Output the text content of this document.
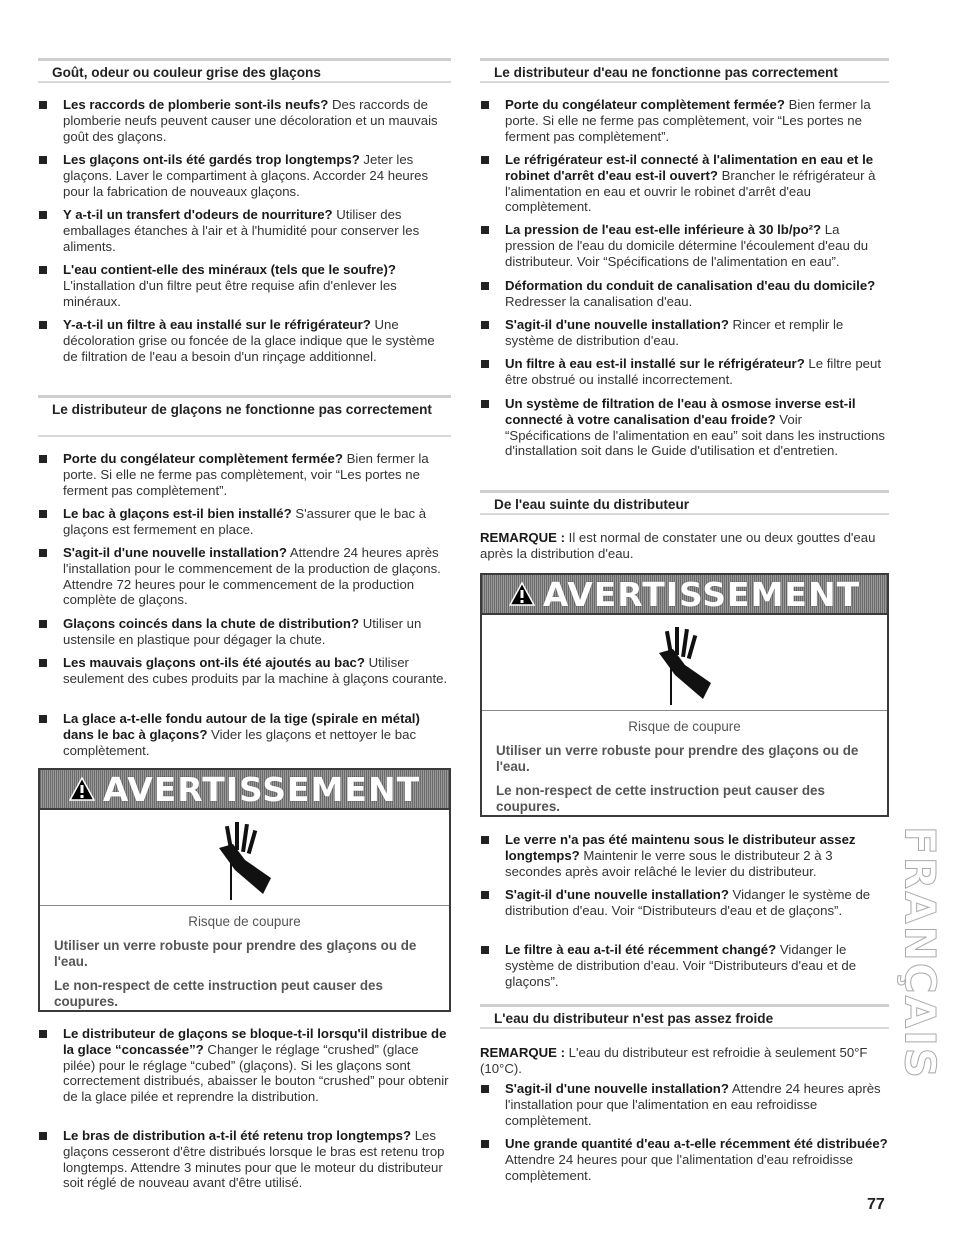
Goût, odeur ou couleur grise des glaçons
Les raccords de plomberie sont-ils neufs? Des raccords de plomberie neufs peuvent causer une décoloration et un mauvais goût des glaçons.
Les glaçons ont-ils été gardés trop longtemps? Jeter les glaçons. Laver le compartiment à glaçons. Accorder 24 heures pour la fabrication de nouveaux glaçons.
Y a-t-il un transfert d'odeurs de nourriture? Utiliser des emballages étanches à l'air et à l'humidité pour conserver les aliments.
L'eau contient-elle des minéraux (tels que le soufre)? L'installation d'un filtre peut être requise afin d'enlever les minéraux.
Y-a-t-il un filtre à eau installé sur le réfrigérateur? Une décoloration grise ou foncée de la glace indique que le système de filtration de l'eau a besoin d'un rinçage additionnel.
Le distributeur de glaçons ne fonctionne pas correctement
Porte du congélateur complètement fermée? Bien fermer la porte. Si elle ne ferme pas complètement, voir “Les portes ne ferment pas complètement”.
Le bac à glaçons est-il bien installé? S'assurer que le bac à glaçons est fermement en place.
S'agit-il d'une nouvelle installation? Attendre 24 heures après l'installation pour le commencement de la production de glaçons. Attendre 72 heures pour le commencement de la production complète de glaçons.
Glaçons coincés dans la chute de distribution? Utiliser un ustensile en plastique pour dégager la chute.
Les mauvais glaçons ont-ils été ajoutés au bac? Utiliser seulement des cubes produits par la machine à glaçons courante.
La glace a-t-elle fondu autour de la tige (spirale en métal) dans le bac à glaçons? Vider les glaçons et nettoyer le bac complètement.
AVERTISSEMENT
Risque de coupure

Utiliser un verre robuste pour prendre des glaçons ou de l'eau.

Le non-respect de cette instruction peut causer des coupures.

Le distributeur de glaçons se bloque-t-il lorsqu'il distribue de la glace “concassée”? Changer le réglage “crushed” (glace pilée) pour le réglage “cubed” (glaçons). Si les glaçons sont correctement distribués, abaisser le bouton “crushed” pour obtenir de la glace pilée et reprendre la distribution.
Le bras de distribution a-t-il été retenu trop longtemps? Les glaçons cesseront d'être distribués lorsque le bras est retenu trop longtemps. Attendre 3 minutes pour que le moteur du distributeur soit réglé de nouveau avant d'être utilisé.
Le distributeur d'eau ne fonctionne pas correctement
Porte du congélateur complètement fermée? Bien fermer la porte. Si elle ne ferme pas complètement, voir “Les portes ne ferment pas complètement”.
Le réfrigérateur est-il connecté à l'alimentation en eau et le robinet d'arrêt d'eau est-il ouvert? Brancher le réfrigérateur à l'alimentation en eau et ouvrir le robinet d'arrêt d'eau complètement.
La pression de l'eau est-elle inférieure à 30 lb/po²? La pression de l'eau du domicile détermine l'écoulement d'eau du distributeur. Voir “Spécifications de l'alimentation en eau”.
Déformation du conduit de canalisation d'eau du domicile? Redresser la canalisation d'eau.
S'agit-il d'une nouvelle installation? Rincer et remplir le système de distribution d'eau.
Un filtre à eau est-il installé sur le réfrigérateur? Le filtre peut être obstrué ou installé incorrectement.
Un système de filtration de l'eau à osmose inverse est-il connecté à votre canalisation d'eau froide? Voir “Spécifications de l'alimentation en eau” soit dans les instructions d'installation soit dans le Guide d'utilisation et d'entretien.
De l'eau suinte du distributeur
REMARQUE : Il est normal de constater une ou deux gouttes d'eau après la distribution d'eau.
AVERTISSEMENT
Risque de coupure

Utiliser un verre robuste pour prendre des glaçons ou de l'eau.

Le non-respect de cette instruction peut causer des coupures.

Le verre n'a pas été maintenu sous le distributeur assez longtemps? Maintenir le verre sous le distributeur 2 à 3 secondes après avoir relâché le levier du distributeur.
S'agit-il d'une nouvelle installation? Vidanger le système de distribution d'eau. Voir “Distributeurs d'eau et de glaçons”.
Le filtre à eau a-t-il été récemment changé? Vidanger le système de distribution d'eau. Voir “Distributeurs d'eau et de glaçons”.
L'eau du distributeur n'est pas assez froide
REMARQUE : L'eau du distributeur est refroidie à seulement 50°F (10°C).
S'agit-il d'une nouvelle installation? Attendre 24 heures après l'installation pour que l'alimentation en eau refroidisse complètement.
Une grande quantité d'eau a-t-elle récemment été distribuée? Attendre 24 heures pour que l'alimentation d'eau refroidisse complètement.
FRANÇAIS
77
